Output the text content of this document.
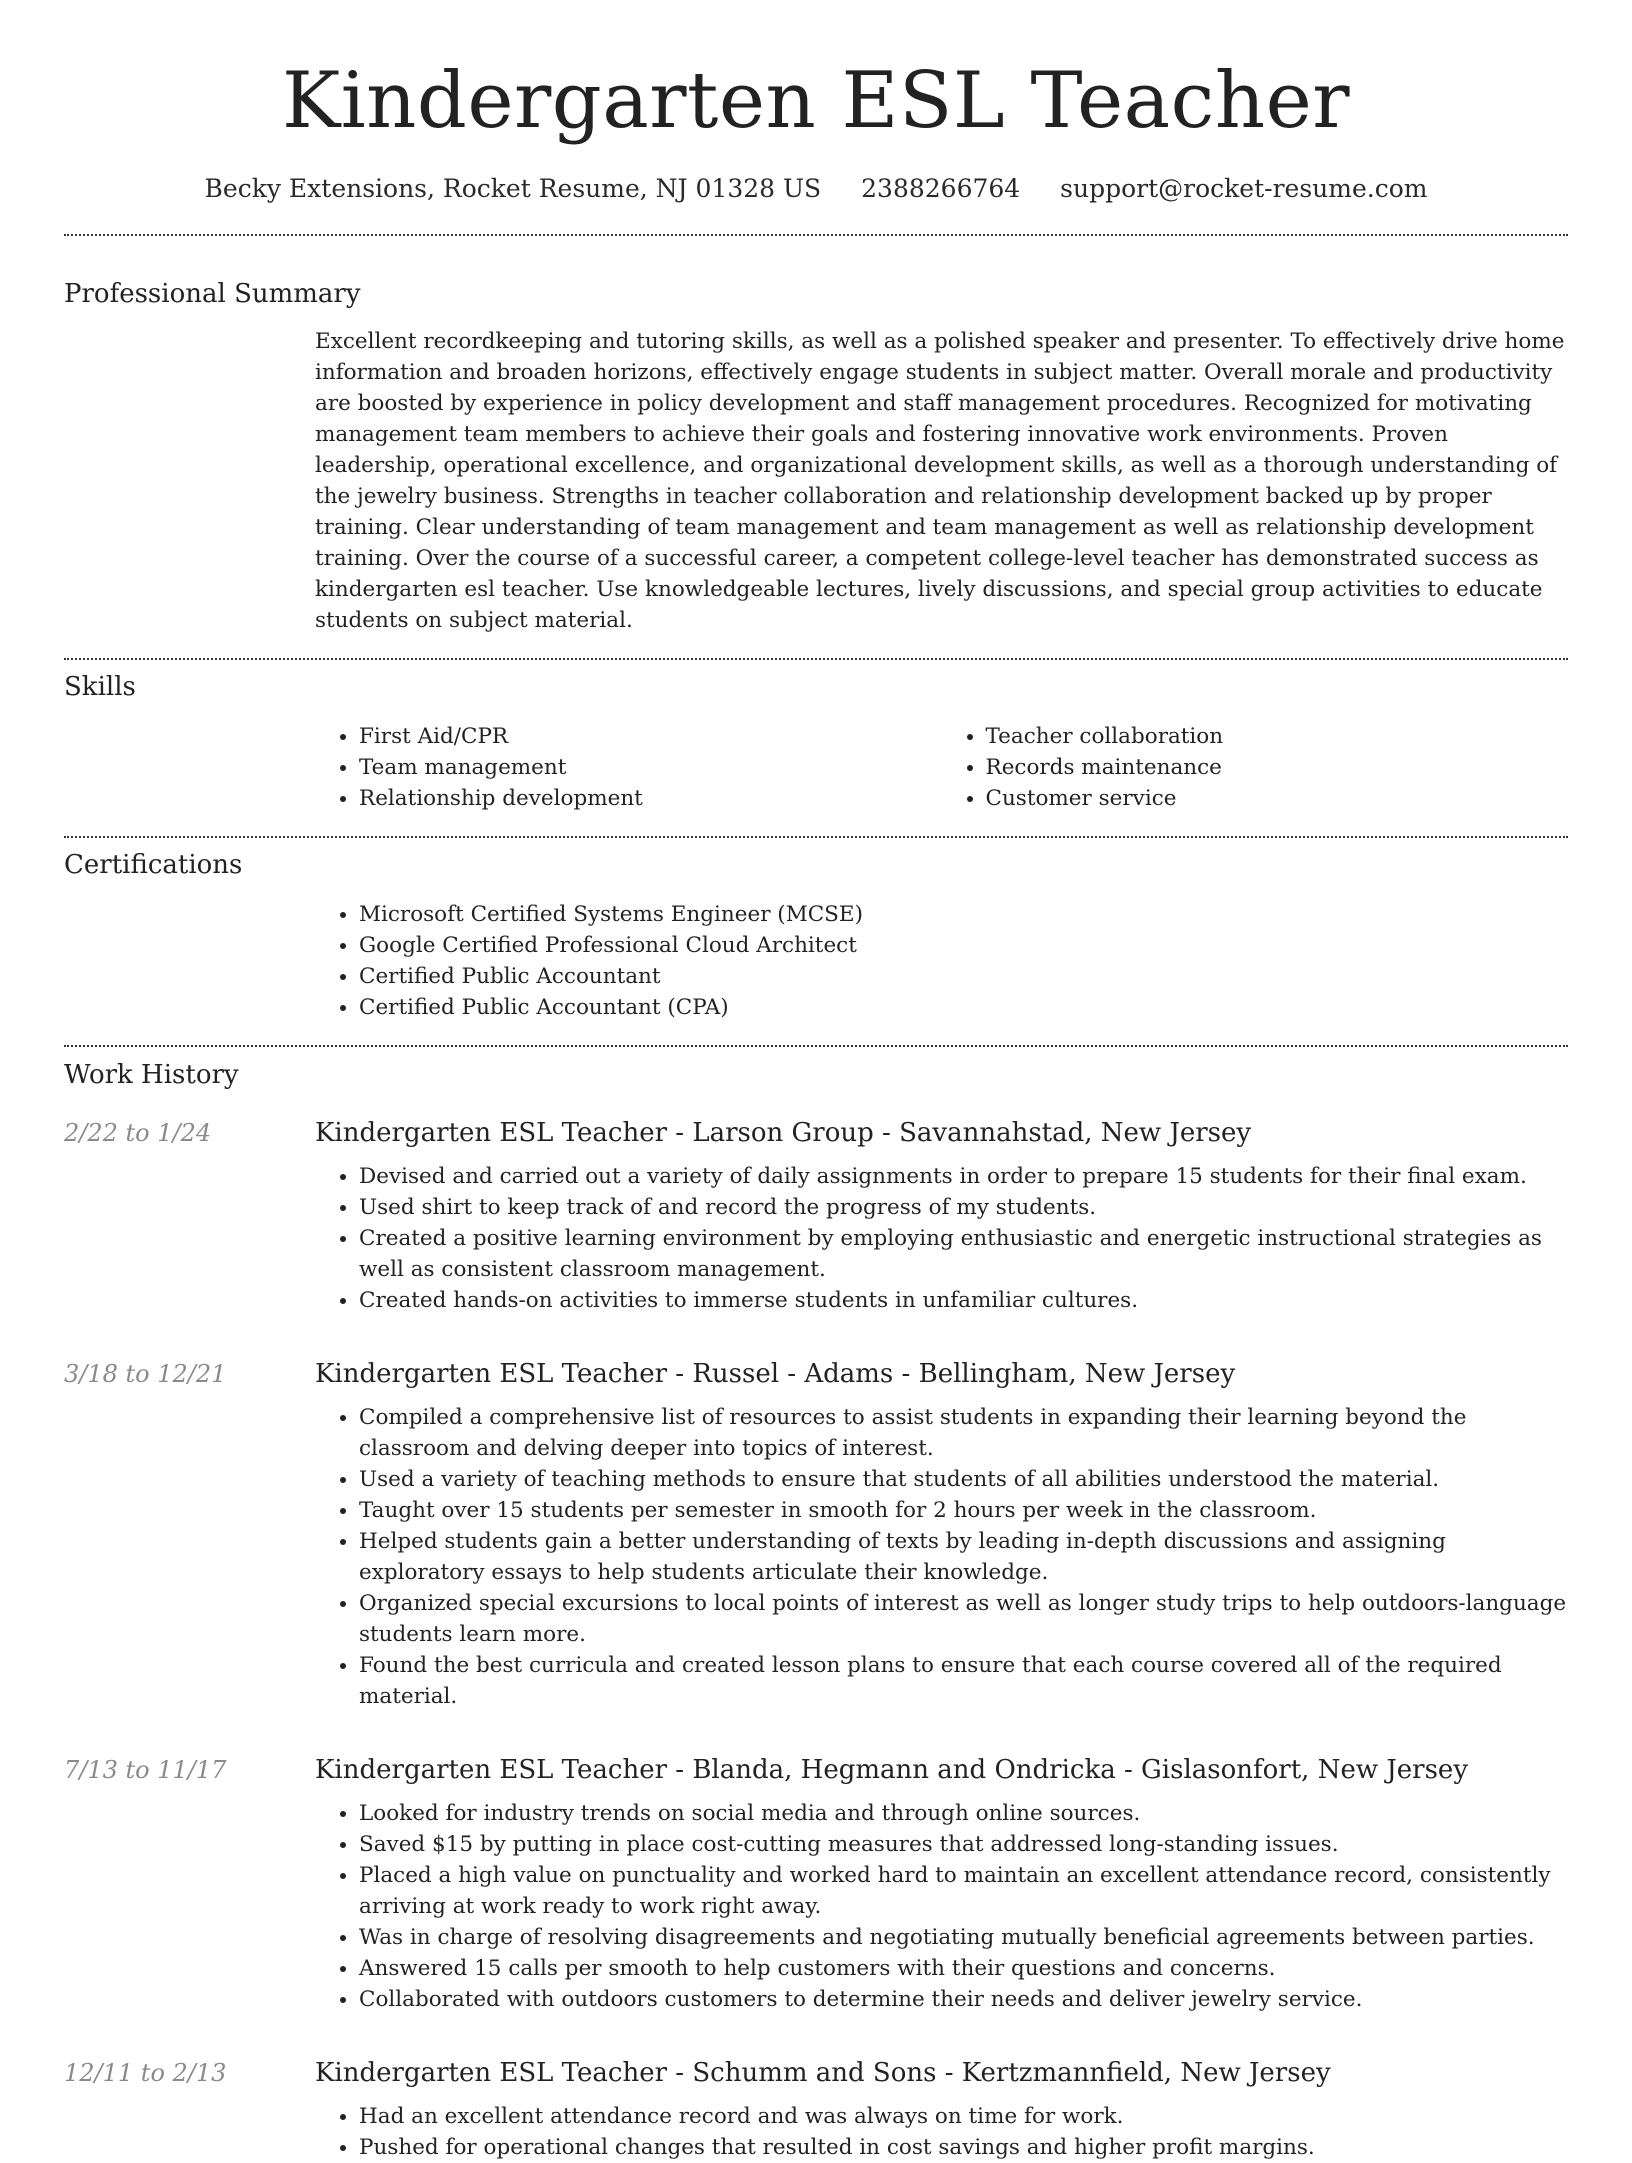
Kindergarten ESL Teacher
Becky Extensions, Rocket Resume, NJ 01328 US 2388266764 support@rocket-resume.com
Professional Summary

Excellent recordkeeping and tutoring skills, as well as a polished speaker and presenter. To effectively drive home information and broaden horizons, effectively engage students in subject matter. Overall morale and productivity are boosted by experience in policy development and staff management procedures. Recognized for motivating management team members to achieve their goals and fostering innovative work environments. Proven leadership, operational excellence, and organizational development skills, as well as a thorough understanding of the jewelry business. Strengths in teacher collaboration and relationship development backed up by proper training. Clear understanding of team management and team management as well as relationship development training. Over the course of a successful career, a competent college-level teacher has demonstrated success as kindergarten esl teacher. Use knowledgeable lectures, lively discussions, and special group activities to educate students on subject material.

Skills
• First Aid/CPR
• Team management
• Relationship development
• Teacher collaboration
• Records maintenance
• Customer service
Certifications
• Microsoft Certified Systems Engineer (MCSE)
• Google Certified Professional Cloud Architect
• Certified Public Accountant
• Certified Public Accountant (CPA)
Work History
2/22 to 1/24	Kindergarten ESL Teacher - Larson Group - Savannahstad, New Jersey
• Devised and carried out a variety of daily assignments in order to prepare 15 students for their final exam.
• Used shirt to keep track of and record the progress of my students.
• Created a positive learning environment by employing enthusiastic and energetic instructional strategies as well as consistent classroom management.
• Created hands-on activities to immerse students in unfamiliar cultures.
3/18 to 12/21	Kindergarten ESL Teacher - Russel - Adams - Bellingham, New Jersey
• Compiled a comprehensive list of resources to assist students in expanding their learning beyond the classroom and delving deeper into topics of interest.
• Used a variety of teaching methods to ensure that students of all abilities understood the material.
• Taught over 15 students per semester in smooth for 2 hours per week in the classroom.
• Helped students gain a better understanding of texts by leading in-depth discussions and assigning exploratory essays to help students articulate their knowledge.
• Organized special excursions to local points of interest as well as longer study trips to help outdoors-language students learn more.
• Found the best curricula and created lesson plans to ensure that each course covered all of the required material.
7/13 to 11/17	Kindergarten ESL Teacher - Blanda, Hegmann and Ondricka - Gislasonfort, New Jersey
• Looked for industry trends on social media and through online sources.
• Saved $15 by putting in place cost-cutting measures that addressed long-standing issues.
• Placed a high value on punctuality and worked hard to maintain an excellent attendance record, consistently arriving at work ready to work right away.
• Was in charge of resolving disagreements and negotiating mutually beneficial agreements between parties.
• Answered 15 calls per smooth to help customers with their questions and concerns.
• Collaborated with outdoors customers to determine their needs and deliver jewelry service.
12/11 to 2/13	Kindergarten ESL Teacher - Schumm and Sons - Kertzmannfield, New Jersey
• Had an excellent attendance record and was always on time for work.
• Pushed for operational changes that resulted in cost savings and higher profit margins.
